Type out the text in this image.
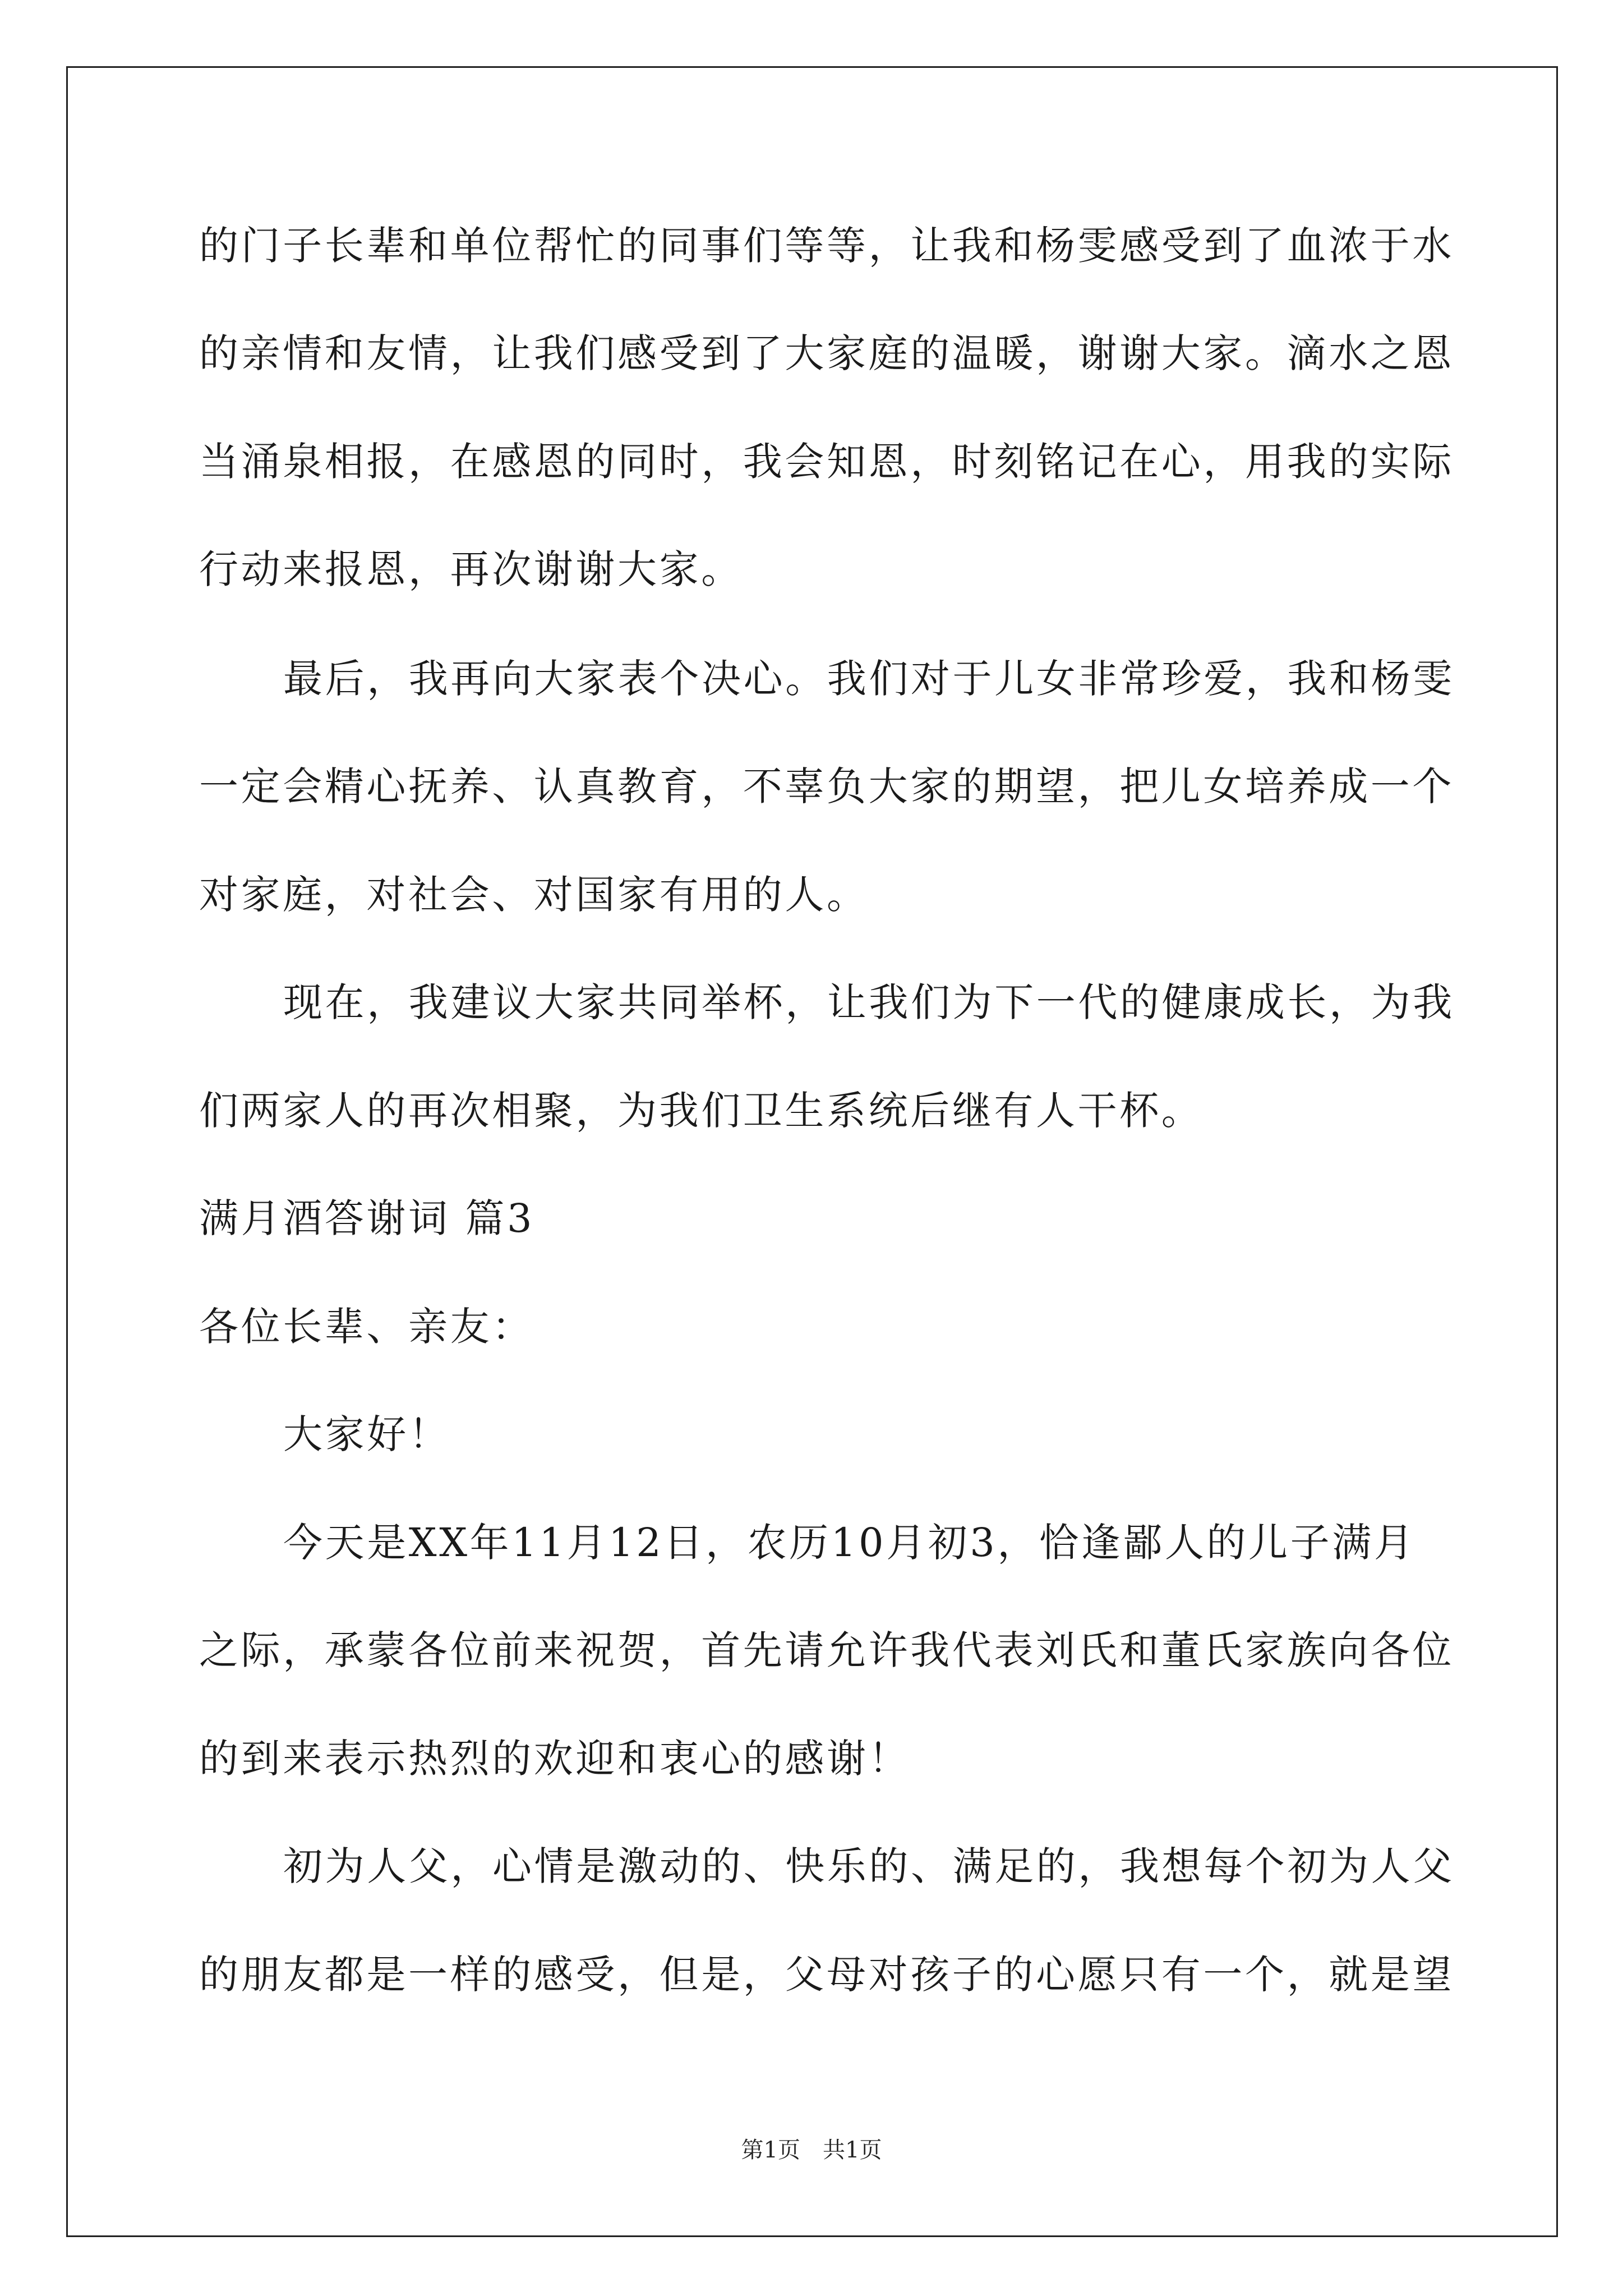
的门子长辈和单位帮忙的同事们等等，让我和杨雯感受到了血浓于水

的亲情和友情，让我们感受到了大家庭的温暖，谢谢大家。滴水之恩

当涌泉相报，在感恩的同时，我会知恩，时刻铭记在心，用我的实际

行动来报恩，再次谢谢大家。

最后，我再向大家表个决心。我们对于儿女非常珍爱，我和杨雯

一定会精心抚养、认真教育，不辜负大家的期望，把儿女培养成一个

对家庭，对社会、对国家有用的人。

现在，我建议大家共同举杯，让我们为下一代的健康成长，为我

们两家人的再次相聚，为我们卫生系统后继有人干杯。

满月酒答谢词 篇3

各位长辈、亲友：

大家好！

今天是XX年11月12日，农历10月初3，恰逢鄙人的儿子满月

之际，承蒙各位前来祝贺，首先请允许我代表刘氏和董氏家族向各位

的到来表示热烈的欢迎和衷心的感谢！

初为人父，心情是激动的、快乐的、满足的，我想每个初为人父

的朋友都是一样的感受，但是，父母对孩子的心愿只有一个，就是望

第1页　共1页
